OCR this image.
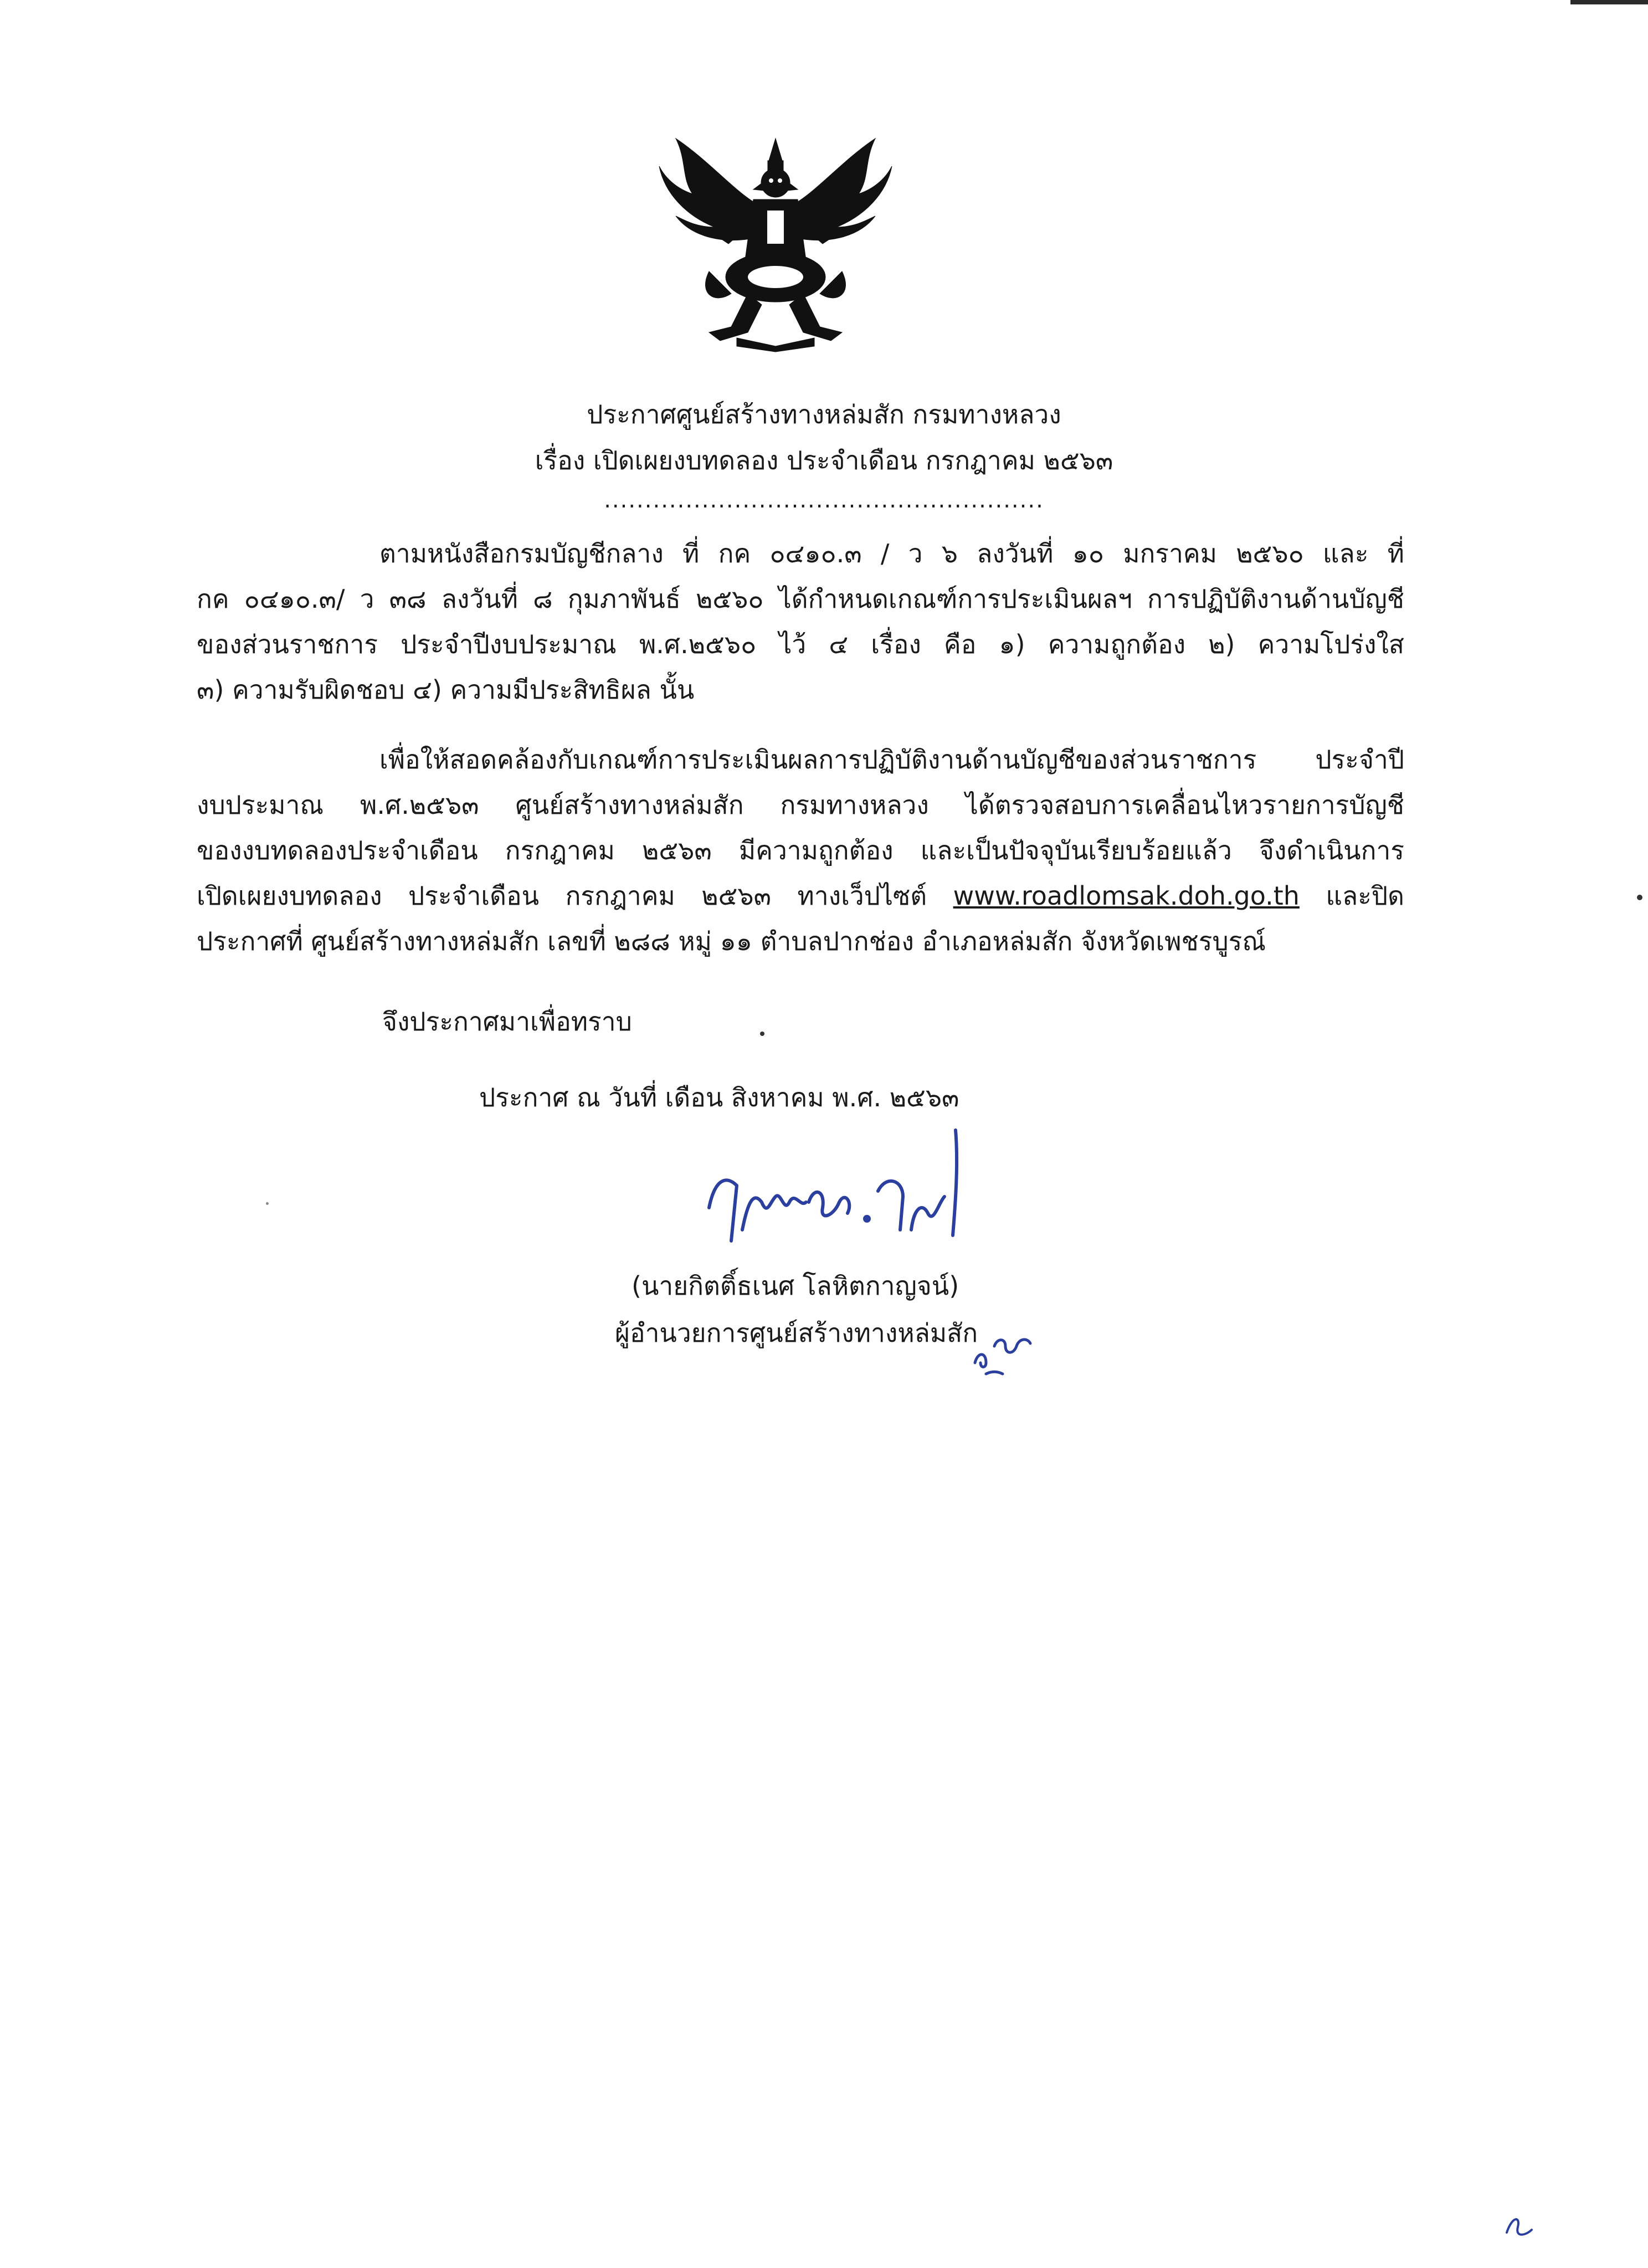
ประกาศศูนย์สร้างทางหล่มสัก กรมทางหลวง
เรื่อง เปิดเผยงบทดลอง ประจำเดือน กรกฎาคม ๒๕๖๓
......................................................
ตามหนังสือกรมบัญชีกลาง ที่ กค ๐๔๑๐.๓ / ว ๖ ลงวันที่ ๑๐ มกราคม ๒๕๖๐ และ ที่
กค ๐๔๑๐.๓/ ว ๓๘ ลงวันที่ ๘ กุมภาพันธ์ ๒๕๖๐ ได้กำหนดเกณฑ์การประเมินผลฯ การปฏิบัติงานด้านบัญชี
ของส่วนราชการ ประจำปีงบประมาณ พ.ศ.๒๕๖๐ ไว้ ๔ เรื่อง คือ ๑) ความถูกต้อง ๒) ความโปร่งใส
๓) ความรับผิดชอบ ๔) ความมีประสิทธิผล นั้น
เพื่อให้สอดคล้องกับเกณฑ์การประเมินผลการปฏิบัติงานด้านบัญชีของส่วนราชการ ประจำปี
งบประมาณ พ.ศ.๒๕๖๓ ศูนย์สร้างทางหล่มสัก กรมทางหลวง ได้ตรวจสอบการเคลื่อนไหวรายการบัญชี
ของงบทดลองประจำเดือน กรกฎาคม ๒๕๖๓ มีความถูกต้อง และเป็นปัจจุบันเรียบร้อยแล้ว จึงดำเนินการ
เปิดเผยงบทดลอง ประจำเดือน กรกฎาคม ๒๕๖๓ ทางเว็ปไซต์ www.roadlomsak.doh.go.th และปิด
ประกาศที่ ศูนย์สร้างทางหล่มสัก เลขที่ ๒๘๘ หมู่ ๑๑ ตำบลปากช่อง อำเภอหล่มสัก จังหวัดเพชรบูรณ์
จึงประกาศมาเพื่อทราบ
ประกาศ ณ วันที่ เดือน สิงหาคม พ.ศ. ๒๕๖๓
(นายกิตติ์ธเนศ โลหิตกาญจน์)
ผู้อำนวยการศูนย์สร้างทางหล่มสัก
